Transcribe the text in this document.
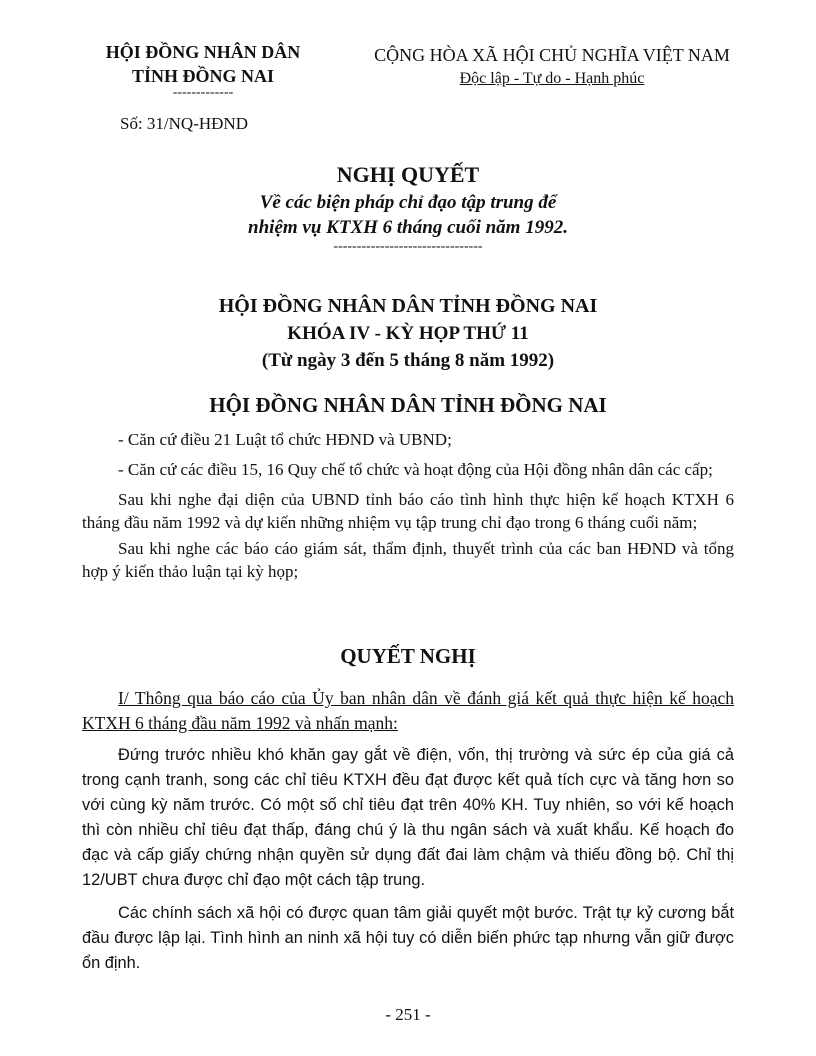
HỘI ĐỒNG NHÂN DÂN
TỈNH ĐỒNG NAI
-------------
CỘNG HÒA XÃ HỘI CHỦ NGHĨA VIỆT NAM
Độc lập - Tự do - Hạnh phúc
Số: 31/NQ-HĐND
NGHỊ QUYẾT
Về các biện pháp chỉ đạo tập trung để
nhiệm vụ KTXH 6 tháng cuối năm 1992.
--------------------------------
HỘI ĐỒNG NHÂN DÂN TỈNH ĐỒNG NAI
KHÓA IV - KỲ HỌP THỨ 11
(Từ ngày 3 đến 5 tháng 8 năm 1992)
HỘI ĐỒNG NHÂN DÂN TỈNH ĐỒNG NAI

- Căn cứ điều 21 Luật tổ chức HĐND và UBND;

- Căn cứ các điều 15, 16 Quy chế tổ chức và hoạt động của Hội đồng nhân dân các cấp;

Sau khi nghe đại diện của UBND tỉnh báo cáo tình hình thực hiện kế hoạch KTXH 6 tháng đầu năm 1992 và dự kiến những nhiệm vụ tập trung chỉ đạo trong 6 tháng cuối năm;

Sau khi nghe các báo cáo giám sát, thẩm định, thuyết trình của các ban HĐND và tổng hợp ý kiến thảo luận tại kỳ họp;

QUYẾT NGHỊ

I/ Thông qua báo cáo của Ủy ban nhân dân về đánh giá kết quả thực hiện kế hoạch KTXH 6 tháng đầu năm 1992 và nhấn mạnh:

Đứng trước nhiều khó khăn gay gắt về điện, vốn, thị trường và sức ép của giá cả trong cạnh tranh, song các chỉ tiêu KTXH đều đạt được kết quả tích cực và tăng hơn so với cùng kỳ năm trước. Có một số chỉ tiêu đạt trên 40% KH. Tuy nhiên, so với kế hoạch thì còn nhiều chỉ tiêu đạt thấp, đáng chú ý là thu ngân sách và xuất khẩu. Kế hoạch đo đạc và cấp giấy chứng nhận quyền sử dụng đất đai làm chậm và thiếu đồng bộ. Chỉ thị 12/UBT chưa được chỉ đạo một cách tập trung.

Các chính sách xã hội có được quan tâm giải quyết một bước. Trật tự kỷ cương bắt đầu được lập lại. Tình hình an ninh xã hội tuy có diễn biến phức tạp nhưng vẫn giữ được ổn định.

- 251 -
